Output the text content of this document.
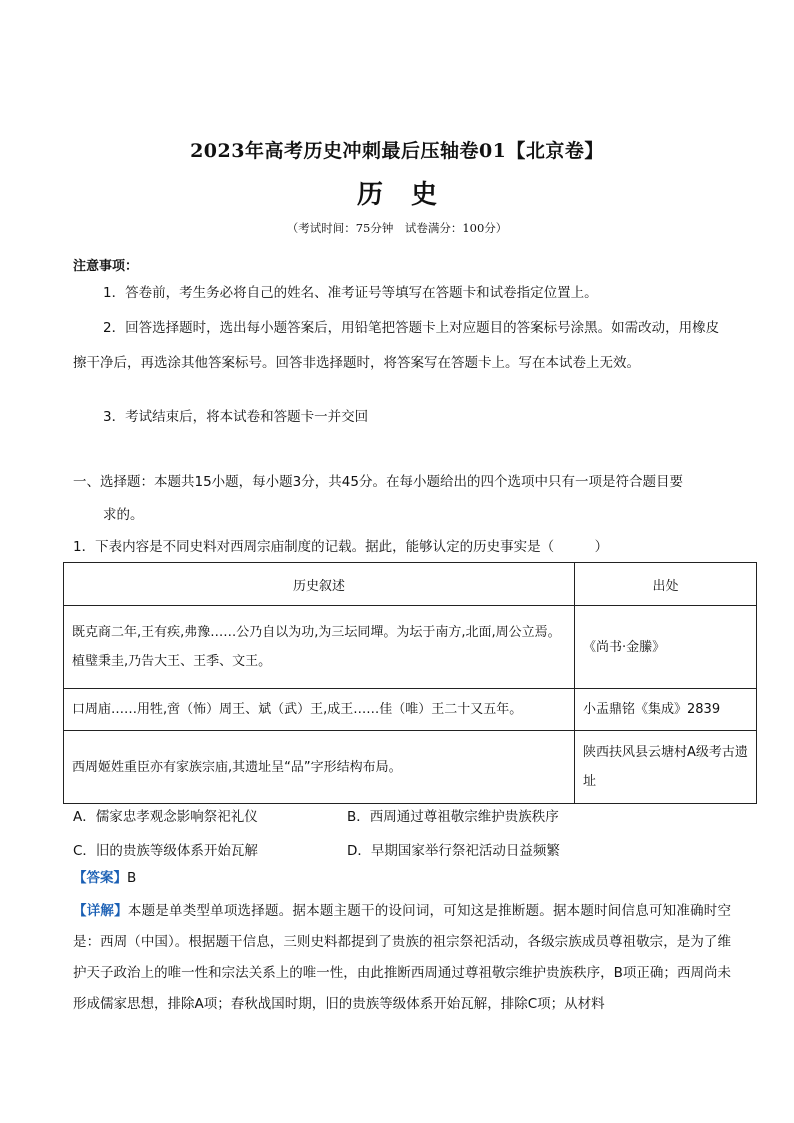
2023年高考历史冲刺最后压轴卷01【北京卷】
历史
（考试时间：75分钟　试卷满分：100分）
注意事项：
1．答卷前，考生务必将自己的姓名、准考证号等填写在答题卡和试卷指定位置上。
2．回答选择题时，选出每小题答案后，用铅笔把答题卡上对应题目的答案标号涂黑。如需改动，用橡皮擦干净后，再选涂其他答案标号。回答非选择题时，将答案写在答题卡上。写在本试卷上无效。
3．考试结束后，将本试卷和答题卡一并交回
一、选择题：本题共15小题，每小题3分，共45分。在每小题给出的四个选项中只有一项是符合题目要
求的。
1．下表内容是不同史料对西周宗庙制度的记载。据此，能够认定的历史事实是（　　　）
历史叙述	出处
既克商二年,王有疾,弗豫……公乃自以为功,为三坛同墠。为坛于南方,北面,周公立焉。植璧秉圭,乃告大王、王季、文王。	《尚书·金縢》
口周庙……用牲,啻（怖）周王、斌（武）王,成王……佳（唯）王二十又五年。	小盂鼎铭《集成》2839
西周姬姓重臣亦有家族宗庙,其遗址呈“品”字形结构布局。	陕西扶风县云塘村A级考古遗址
A．儒家忠孝观念影响祭祀礼仪	B．西周通过尊祖敬宗维护贵族秩序
C．旧的贵族等级体系开始瓦解	D．早期国家举行祭祀活动日益频繁
【答案】B
【详解】本题是单类型单项选择题。据本题主题干的设问词，可知这是推断题。据本题时间信息可知准确时空是：西周（中国）。根据题干信息，三则史料都提到了贵族的祖宗祭祀活动，各级宗族成员尊祖敬宗，是为了维护天子政治上的唯一性和宗法关系上的唯一性，由此推断西周通过尊祖敬宗维护贵族秩序，B项正确；西周尚未形成儒家思想，排除A项；春秋战国时期，旧的贵族等级体系开始瓦解，排除C项；从材料
